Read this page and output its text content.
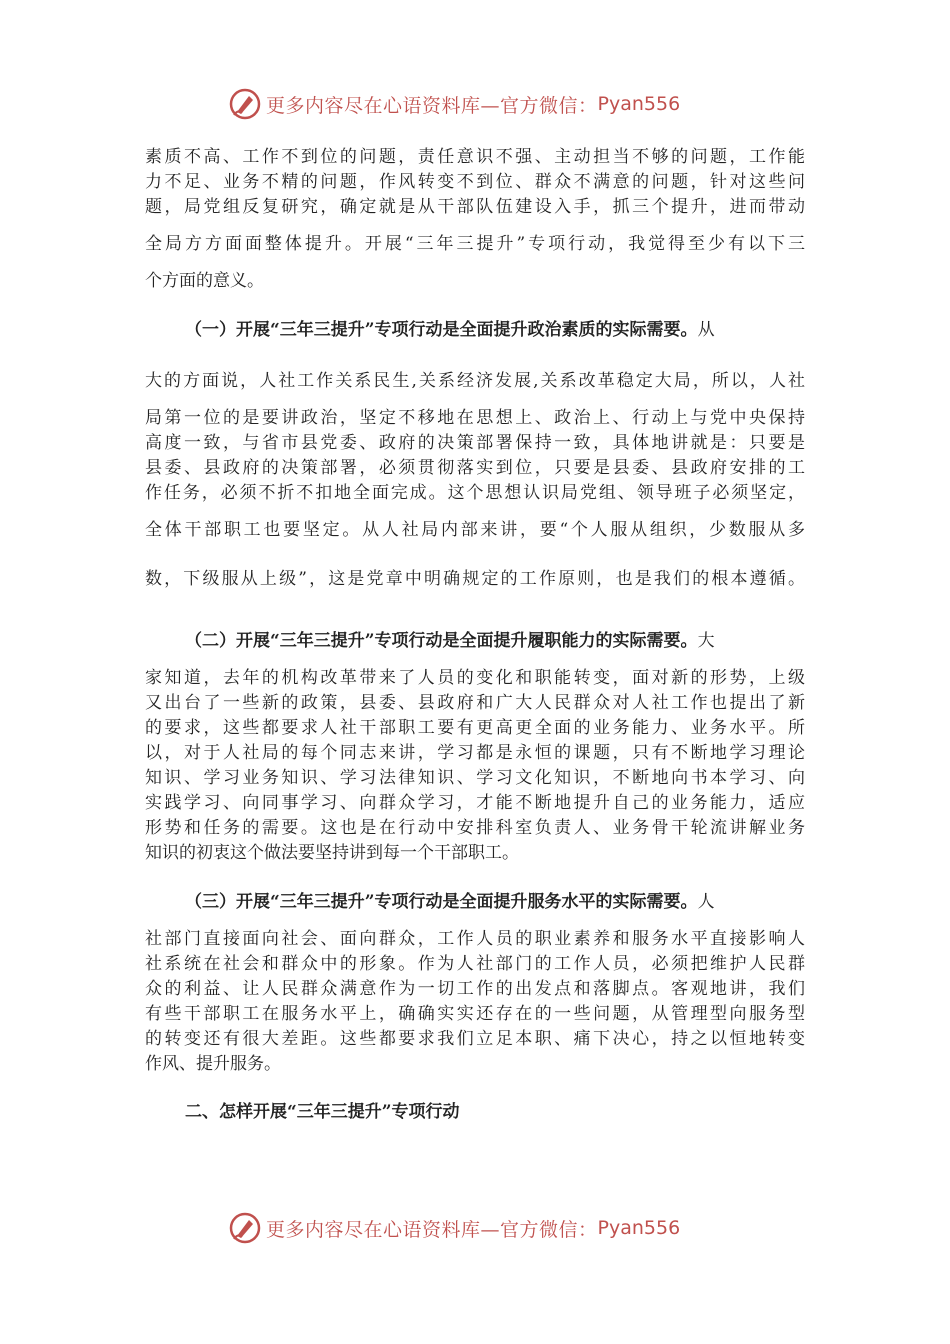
更多内容尽在心语资料库—官方微信： Pyan556
素质不高、工作不到位的问题，责任意识不强、主动担当不够的问题，工作能
力不足、业务不精的问题，作风转变不到位、群众不满意的问题，针对这些问
题，局党组反复研究，确定就是从干部队伍建设入手，抓三个提升，进而带动
全局方方面面整体提升。开展“三年三提升”专项行动，我觉得至少有以下三
个方面的意义。
（一）开展“三年三提升”专项行动是全面提升政治素质的实际需要。从
大的方面说，人社工作关系民生,关系经济发展,关系改革稳定大局，所以，人社
局第一位的是要讲政治，坚定不移地在思想上、政治上、行动上与党中央保持
高度一致，与省市县党委、政府的决策部署保持一致，具体地讲就是：只要是
县委、县政府的决策部署，必须贯彻落实到位，只要是县委、县政府安排的工
作任务，必须不折不扣地全面完成。这个思想认识局党组、领导班子必须坚定，
全体干部职工也要坚定。从人社局内部来讲，要“个人服从组织，少数服从多
数，下级服从上级”，这是党章中明确规定的工作原则，也是我们的根本遵循。
（二）开展“三年三提升”专项行动是全面提升履职能力的实际需要。大
家知道，去年的机构改革带来了人员的变化和职能转变，面对新的形势，上级
又出台了一些新的政策，县委、县政府和广大人民群众对人社工作也提出了新
的要求，这些都要求人社干部职工要有更高更全面的业务能力、业务水平。所
以，对于人社局的每个同志来讲，学习都是永恒的课题，只有不断地学习理论
知识、学习业务知识、学习法律知识、学习文化知识，不断地向书本学习、向
实践学习、向同事学习、向群众学习，才能不断地提升自己的业务能力，适应
形势和任务的需要。这也是在行动中安排科室负责人、业务骨干轮流讲解业务
知识的初衷这个做法要坚持讲到每一个干部职工。
（三）开展“三年三提升”专项行动是全面提升服务水平的实际需要。人
社部门直接面向社会、面向群众，工作人员的职业素养和服务水平直接影响人
社系统在社会和群众中的形象。作为人社部门的工作人员，必须把维护人民群
众的利益、让人民群众满意作为一切工作的出发点和落脚点。客观地讲，我们
有些干部职工在服务水平上，确确实实还存在的一些问题，从管理型向服务型
的转变还有很大差距。这些都要求我们立足本职、痛下决心，持之以恒地转变
作风、提升服务。
二、怎样开展“三年三提升”专项行动
更多内容尽在心语资料库—官方微信： Pyan556
